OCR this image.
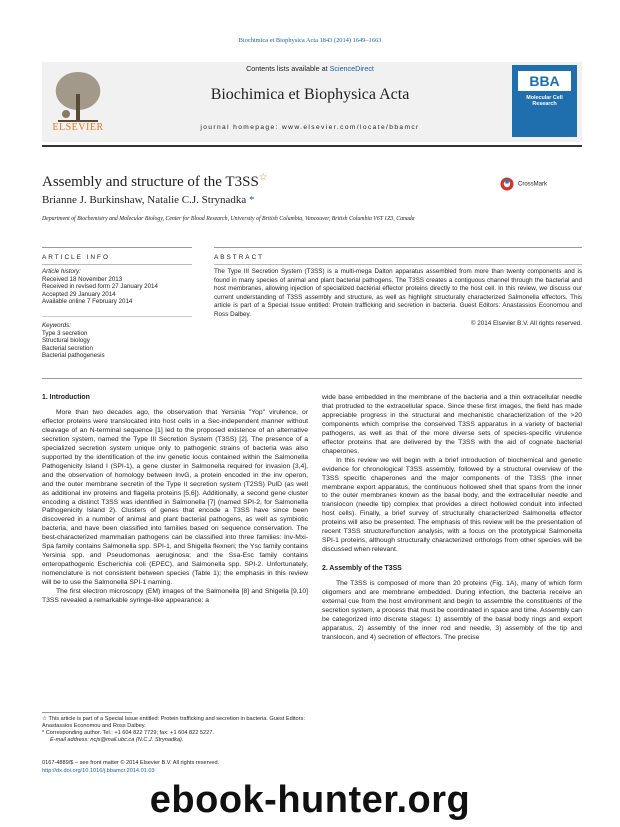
Biochimica et Biophysica Acta 1843 (2014) 1649–1663
ELSEVIER
Contents lists available at ScienceDirect
Biochimica et Biophysica Acta
journal homepage: www.elsevier.com/locate/bbamcr
BBA
Molecular Cell Research
Assembly and structure of the T3SS☆
CrossMark
Brianne J. Burkinshaw, Natalie C.J. Strynadka *
Department of Biochemistry and Molecular Biology, Center for Blood Research, University of British Columbia, Vancouver, British Columbia V6T 1Z3, Canada
ARTICLE INFO	ABSTRACT
Article history:
Received 18 November 2013
Received in revised form 27 January 2014
Accepted 29 January 2014
Available online 7 February 2014
Keywords:
Type 3 secretion
Structural biology
Bacterial secretion
Bacterial pathogenesis
The Type III Secretion System (T3SS) is a multi-mega Dalton apparatus assembled from more than twenty components and is found in many species of animal and plant bacterial pathogens. The T3SS creates a contiguous channel through the bacterial and host membranes, allowing injection of specialized bacterial effector proteins directly to the host cell. In this review, we discuss our current understanding of T3SS assembly and structure, as well as highlight structurally characterized Salmonella effectors. This article is part of a Special Issue entitled: Protein trafficking and secretion in bacteria. Guest Editors: Anastassios Economou and Ross Dalbey.
© 2014 Elsevier B.V. All rights reserved.
1. Introduction
More than two decades ago, the observation that Yersinia "Yop" virulence, or effector proteins were translocated into host cells in a Sec-independent manner without cleavage of an N-terminal sequence [1] led to the proposed existence of an alternative secretion system, named the Type III Secretion System (T3SS) [2]. The presence of a specialized secretion system unique only to pathogenic strains of bacteria was also supported by the identification of the inv genetic locus contained within the Salmonella Pathogenicity Island I (SPI-1), a gene cluster in Salmonella required for invasion [3,4], and the observation of homology between InvG, a protein encoded in the inv operon, and the outer membrane secretin of the Type II secretion system (T2SS) PulD (as well as additional inv proteins and flagella proteins [5,6]). Additionally, a second gene cluster encoding a distinct T3SS was identified in Salmonella [7] (named SPI-2, for Salmonella Pathogenicity Island 2). Clusters of genes that encode a T3SS have since been discovered in a number of animal and plant bacterial pathogens, as well as symbiotic bacteria, and have been classified into families based on sequence conservation. The best-characterized mammalian pathogens can be classified into three families: Inv-Mxi-Spa family contains Salmonella spp. SPI-1, and Shigella flexneri; the Ysc family contains Yersinia spp. and Pseudomonas aeruginosa; and the Ssa-Esc family contains enteropathogenic Escherichia coli (EPEC), and Salmonella spp. SPI-2. Unfortunately, nomenclature is not consistent between species (Table 1); the emphasis in this review will be to use the Salmonella SPI-1 naming.
The first electron microscopy (EM) images of the Salmonella [8] and Shigella [9,10] T3SS revealed a remarkable syringe-like appearance: a
wide base embedded in the membrane of the bacteria and a thin extracellular needle that protruded to the extracellular space. Since these first images, the field has made appreciable progress in the structural and mechanistic characterization of the >20 components which comprise the conserved T3SS apparatus in a variety of bacterial pathogens, as well as that of the more diverse sets of species-specific virulence effector proteins that are delivered by the T3SS with the aid of cognate bacterial chaperones.
In this review we will begin with a brief introduction of biochemical and genetic evidence for chronological T3SS assembly, followed by a structural overview of the T3SS specific chaperones and the major components of the T3SS (the inner membrane export apparatus, the continuous hollowed shell that spans from the inner to the outer membranes known as the basal body, and the extracellular needle and translocon (needle tip) complex that provides a direct hollowed conduit into infected host cells). Finally, a brief survey of structurally characterized Salmonella effector proteins will also be presented. The emphasis of this review will be the presentation of recent T3SS structure/function analysis, with a focus on the prototypical Salmonella SPI-1 proteins, although structurally characterized orthologs from other species will be discussed when relevant.
2. Assembly of the T3SS
The T3SS is composed of more than 20 proteins (Fig. 1A), many of which form oligomers and are membrane embedded. During infection, the bacteria receive an external cue from the host environment and begin to assemble the constituents of the secretion system, a process that must be coordinated in space and time. Assembly can be categorized into discrete stages: 1) assembly of the basal body rings and export apparatus, 2) assembly of the inner rod and needle, 3) assembly of the tip and translocon, and 4) secretion of effectors. The precise
☆ This article is part of a Special Issue entitled: Protein trafficking and secretion in bacteria. Guest Editors: Anastassios Economou and Ross Dalbey.
* Corresponding author. Tel.: +1 604 822 7729; fax: +1 604 822 5227.
E-mail address: ncjs@mail.ubc.ca (N.C.J. Strynadka).
0167-4889/$ – see front matter © 2014 Elsevier B.V. All rights reserved.
http://dx.doi.org/10.1016/j.bbamcr.2014.01.03
ebook-hunter.org
